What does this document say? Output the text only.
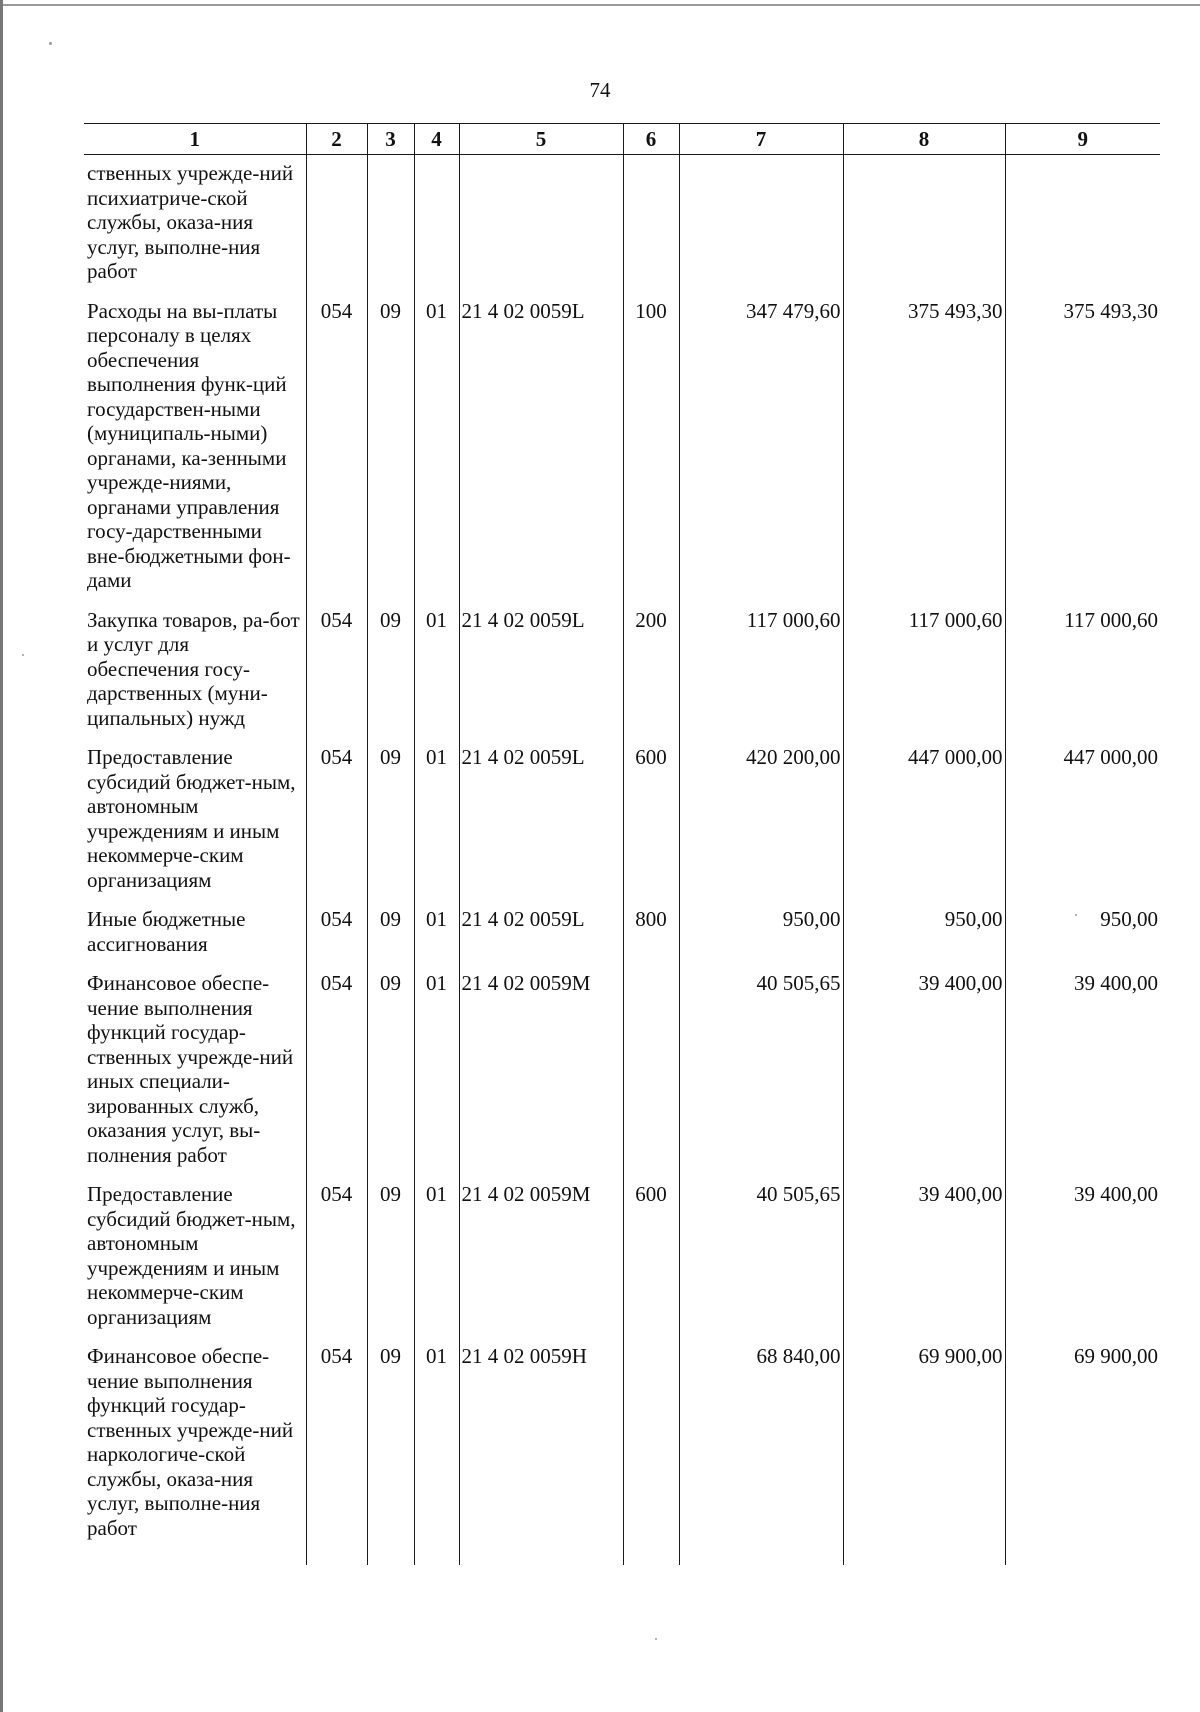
74
1	2	3	4	5	6	7	8	9
ственных учрежде-ний психиатриче-ской службы, оказа-ния услуг, выполне-ния работ								
Расходы на вы-платы персоналу в целях обеспечения выполнения функ-ций государствен-ными (муниципаль-ными) органами, ка-зенными учрежде-ниями, органами управления госу-дарственными вне-бюджетными фон-дами	054	09	01	21 4 02 0059L	100	347 479,60	375 493,30	375 493,30
Закупка товаров, ра-бот и услуг для обеспечения госу-дарственных (муни-ципальных) нужд	054	09	01	21 4 02 0059L	200	117 000,60	117 000,60	117 000,60
Предоставление субсидий бюджет-ным, автономным учреждениям и иным некоммерче-ским организациям	054	09	01	21 4 02 0059L	600	420 200,00	447 000,00	447 000,00
Иные бюджетные ассигнования	054	09	01	21 4 02 0059L	800	950,00	950,00	950,00
Финансовое обеспе-чение выполнения функций государ-ственных учрежде-ний иных специали-зированных служб, оказания услуг, вы-полнения работ	054	09	01	21 4 02 0059M		40 505,65	39 400,00	39 400,00
Предоставление субсидий бюджет-ным, автономным учреждениям и иным некоммерче-ским организациям	054	09	01	21 4 02 0059M	600	40 505,65	39 400,00	39 400,00
Финансовое обеспе-чение выполнения функций государ-ственных учрежде-ний наркологиче-ской службы, оказа-ния услуг, выполне-ния работ	054	09	01	21 4 02 0059H		68 840,00	69 900,00	69 900,00
